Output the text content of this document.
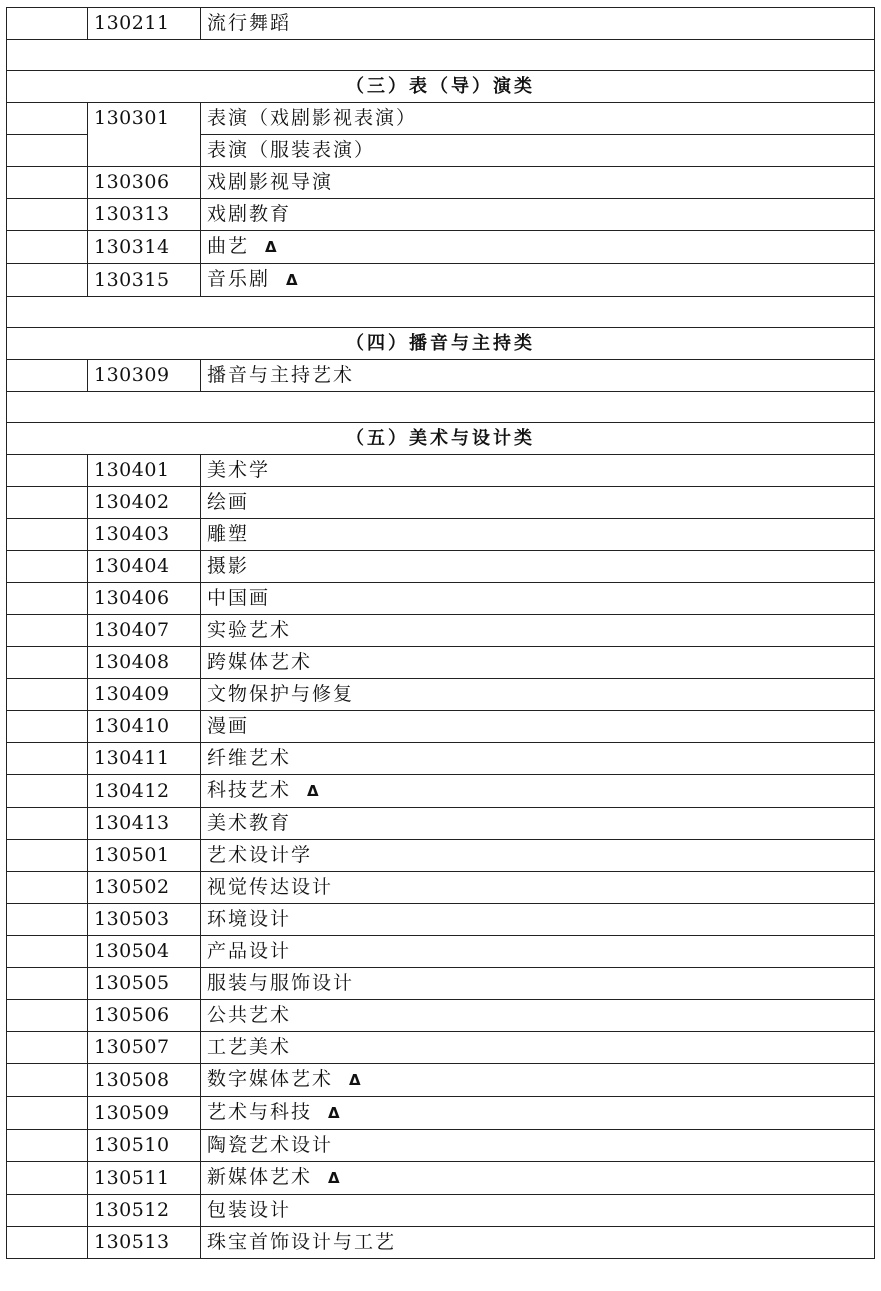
	130211	流行舞蹈

（三）表（导）演类		
	130301	表演（戏剧影视表演）
		表演（服装表演）
	130306	戏剧影视导演
	130313	戏剧教育
	130314	曲艺 Δ
	130315	音乐剧 Δ

（四）播音与主持类		
	130309	播音与主持艺术

（五）美术与设计类		
	130401	美术学
	130402	绘画
	130403	雕塑
	130404	摄影
	130406	中国画
	130407	实验艺术
	130408	跨媒体艺术
	130409	文物保护与修复
	130410	漫画
	130411	纤维艺术
	130412	科技艺术 Δ
	130413	美术教育
	130501	艺术设计学
	130502	视觉传达设计
	130503	环境设计
	130504	产品设计
	130505	服装与服饰设计
	130506	公共艺术
	130507	工艺美术
	130508	数字媒体艺术 Δ
	130509	艺术与科技 Δ
	130510	陶瓷艺术设计
	130511	新媒体艺术 Δ
	130512	包装设计
	130513	珠宝首饰设计与工艺
